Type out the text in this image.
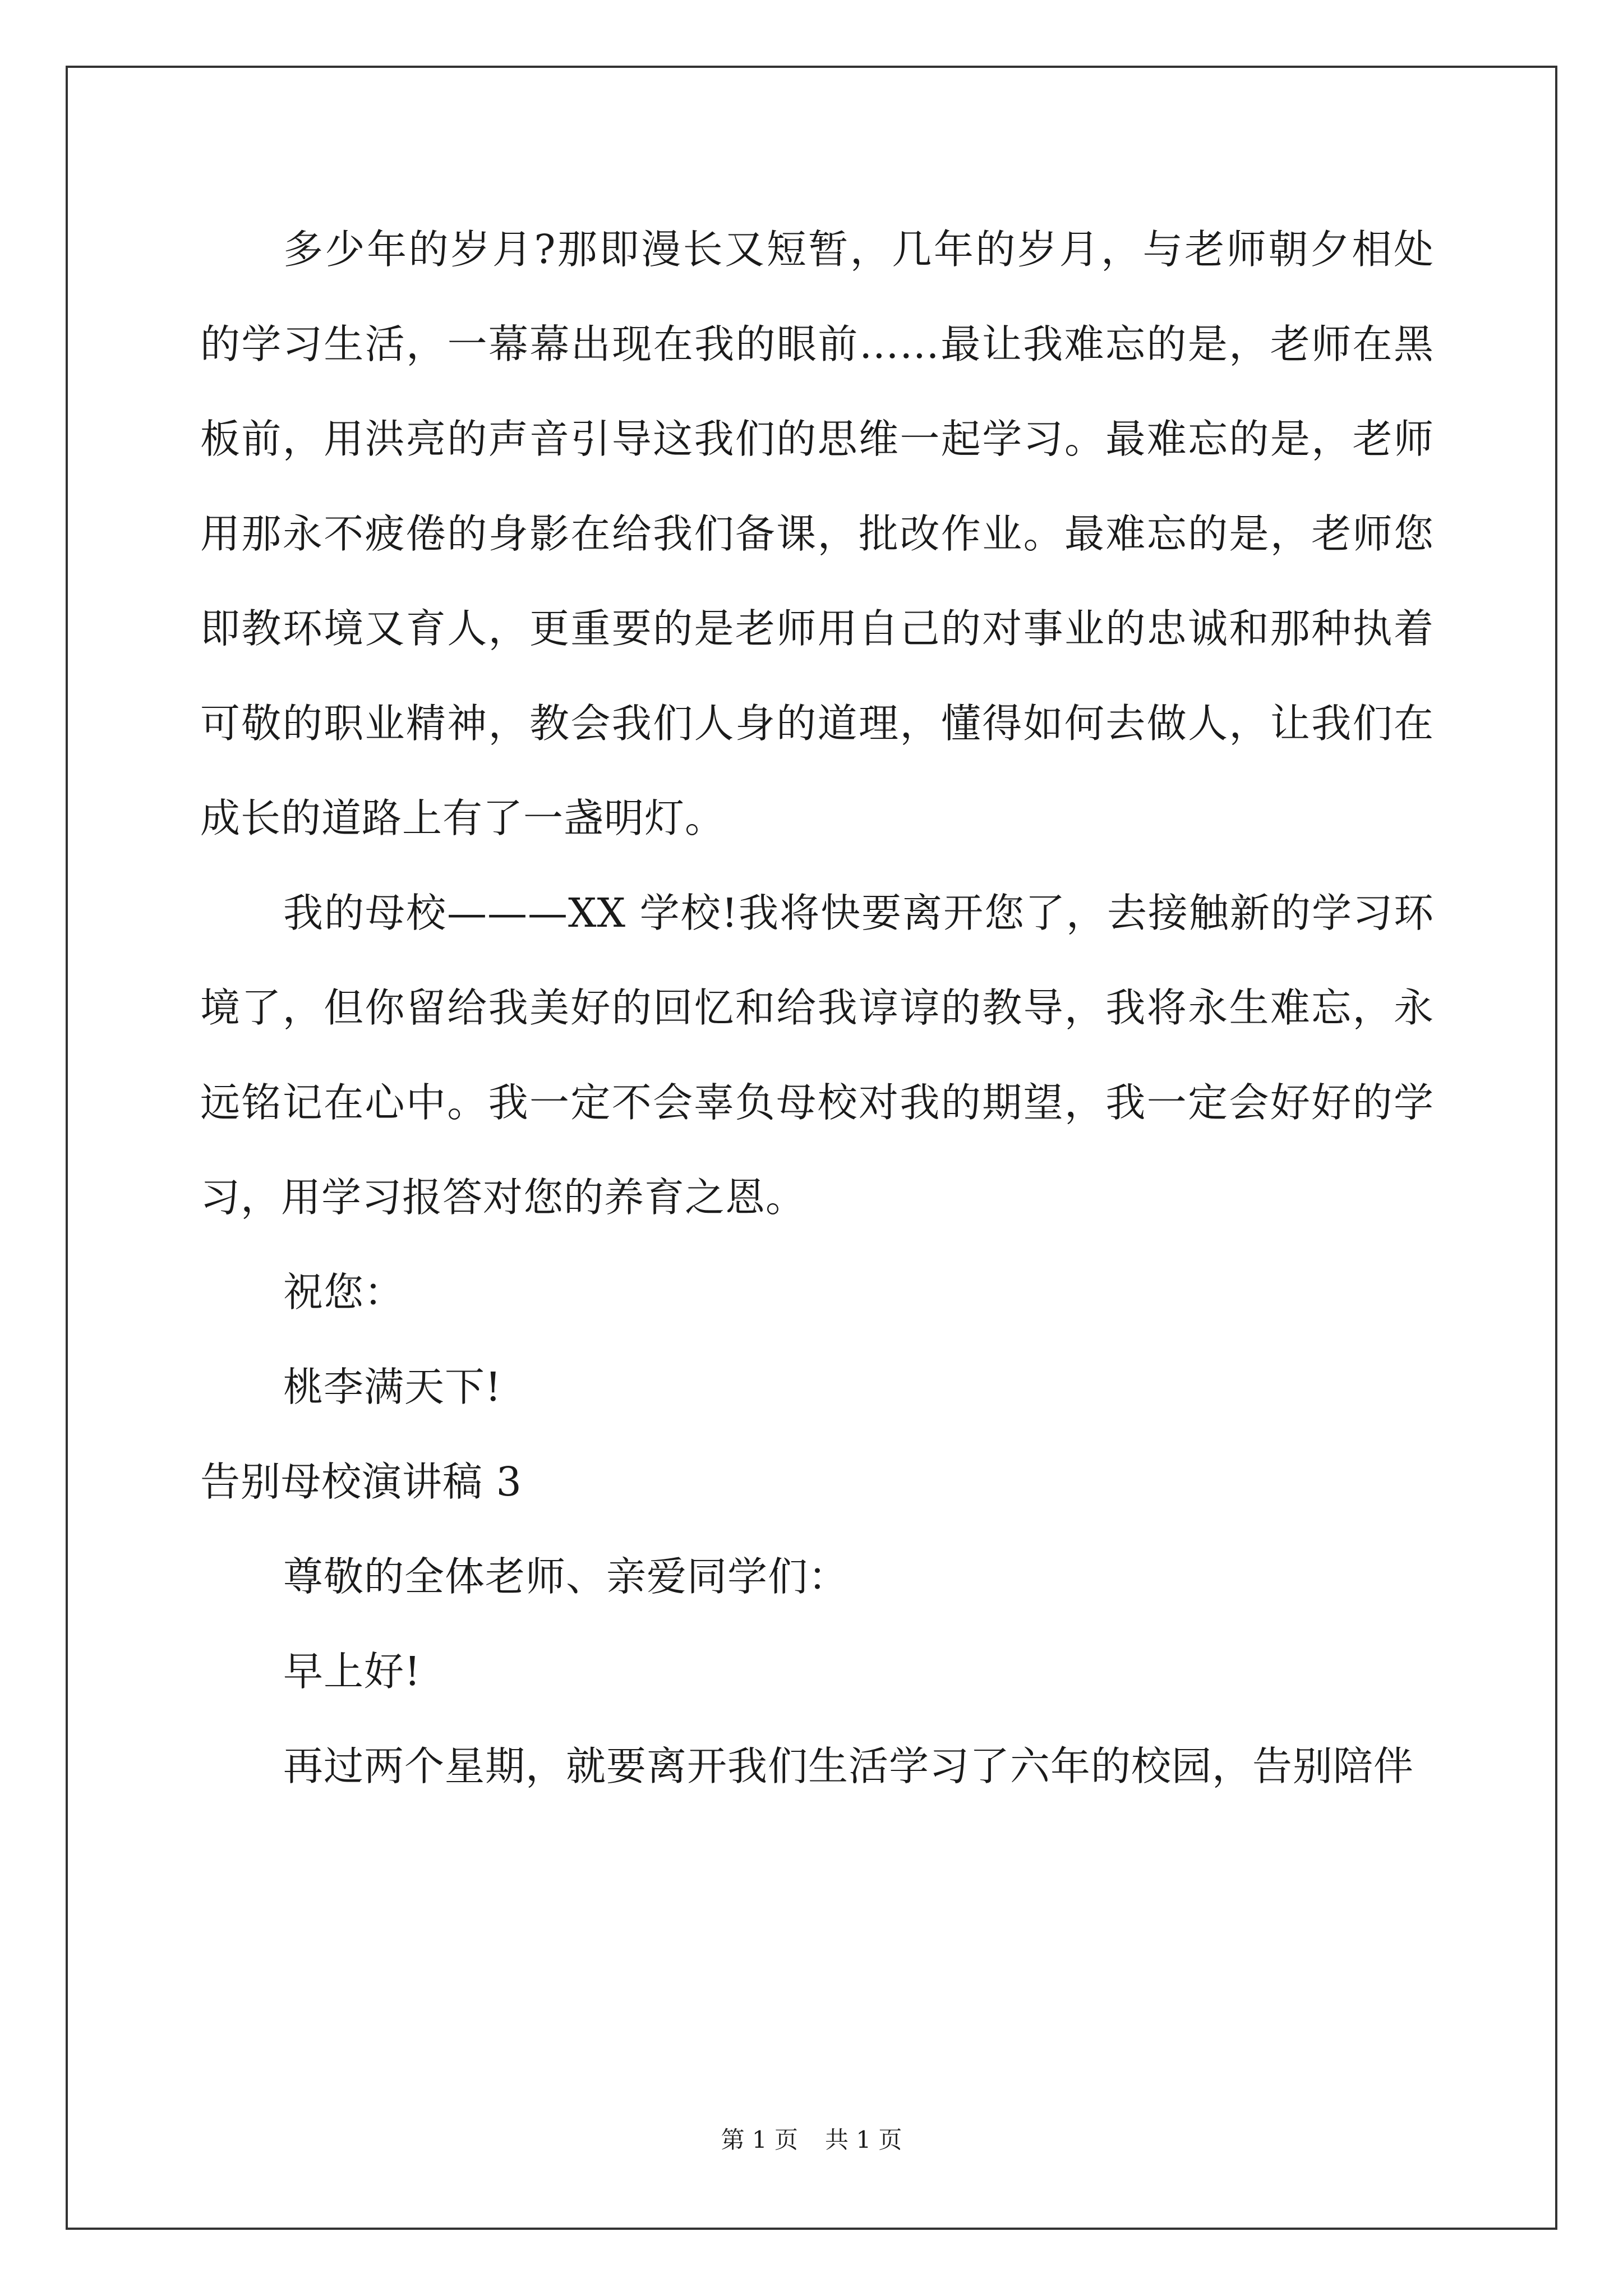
多少年的岁月?那即漫长又短暂，几年的岁月，与老师朝夕相处的学习生活，一幕幕出现在我的眼前……最让我难忘的是，老师在黑板前，用洪亮的声音引导这我们的思维一起学习。最难忘的是，老师用那永不疲倦的身影在给我们备课，批改作业。最难忘的是，老师您即教环境又育人，更重要的是老师用自己的对事业的忠诚和那种执着可敬的职业精神，教会我们人身的道理，懂得如何去做人，让我们在成长的道路上有了一盏明灯。

我的母校———XX 学校!我将快要离开您了，去接触新的学习环境了，但你留给我美好的回忆和给我谆谆的教导，我将永生难忘，永远铭记在心中。我一定不会辜负母校对我的期望，我一定会好好的学习，用学习报答对您的养育之恩。

祝您：

桃李满天下!

告别母校演讲稿 3

尊敬的全体老师、亲爱同学们：

早上好!

再过两个星期，就要离开我们生活学习了六年的校园，告别陪伴

第 1 页 共 1 页
